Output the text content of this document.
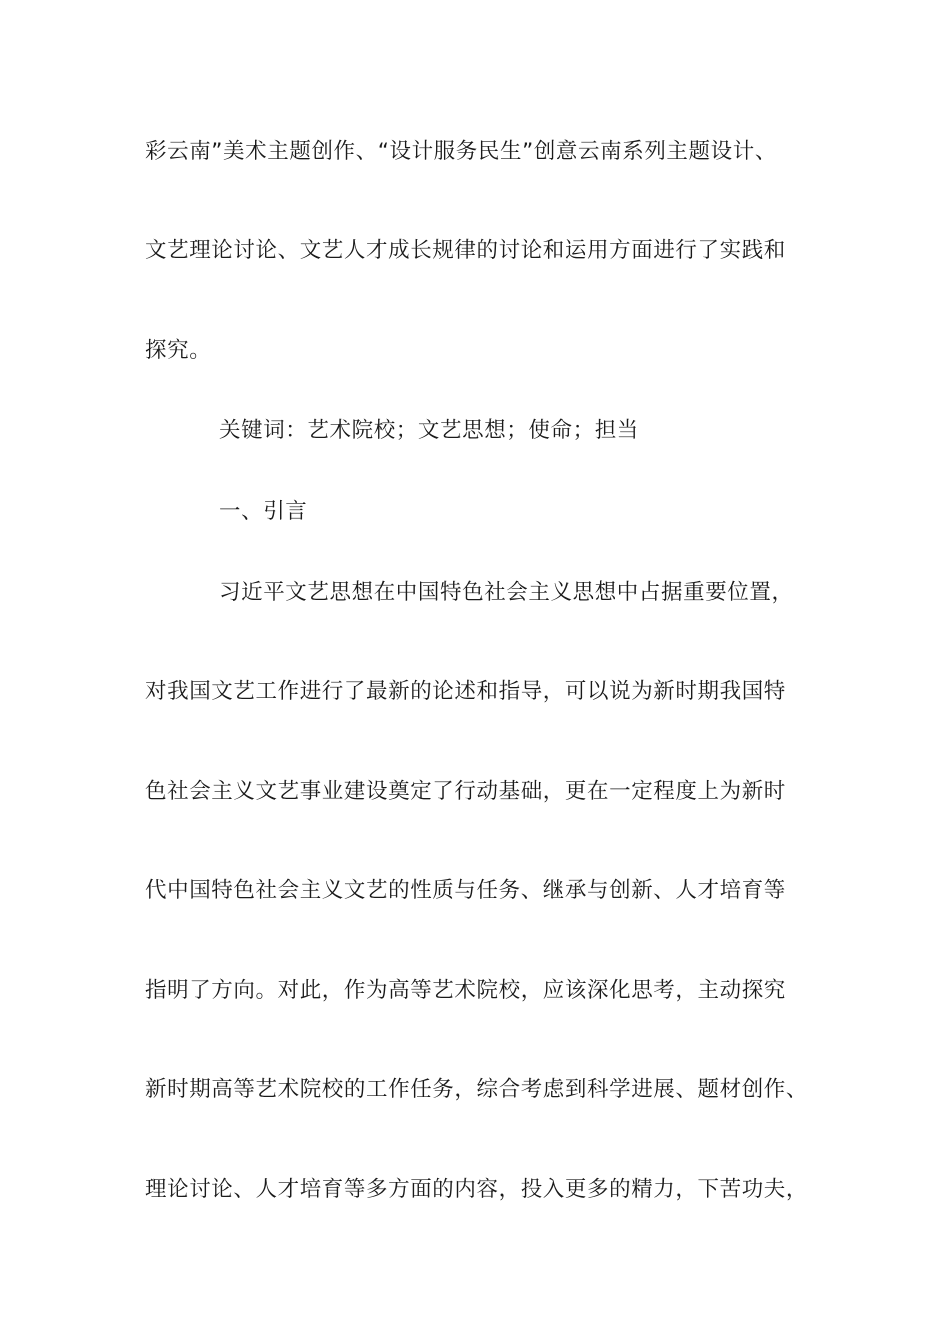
彩云南”美术主题创作、“设计服务民生”创意云南系列主题设计、
文艺理论讨论、文艺人才成长规律的讨论和运用方面进行了实践和
探究。
关键词：艺术院校；文艺思想；使命；担当
一、引言
习近平文艺思想在中国特色社会主义思想中占据重要位置，
对我国文艺工作进行了最新的论述和指导，可以说为新时期我国特
色社会主义文艺事业建设奠定了行动基础，更在一定程度上为新时
代中国特色社会主义文艺的性质与任务、继承与创新、人才培育等
指明了方向。对此，作为高等艺术院校，应该深化思考，主动探究
新时期高等艺术院校的工作任务，综合考虑到科学进展、题材创作、
理论讨论、人才培育等多方面的内容，投入更多的精力，下苦功夫，
